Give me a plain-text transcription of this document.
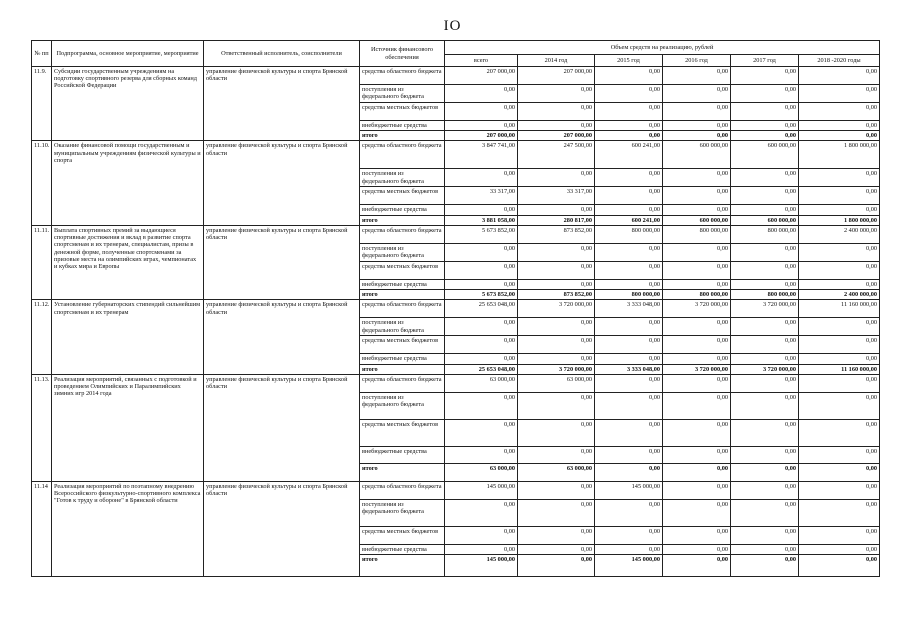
IO
№ пп	Подпрограмма, основное мероприятие, мероприятие	Ответственный исполнитель, соисполнители	Источник финансового обеспечения	Объем средств на реализацию, рублей					
				всего	2014 год	2015 год	2016 год	2017 год	2018 -2020 годы
11.9.	Субсидии государственным учреждениям на подготовку спортивного резерва для сборных команд Российской Федерации	управление физической культуры и спорта Брянской области	средства областного бюджета	207 000,00	207 000,00	0,00	0,00	0,00	0,00
			поступления из федерального бюджета	0,00	0,00	0,00	0,00	0,00	0,00
			средства местных бюджетов	0,00	0,00	0,00	0,00	0,00	0,00
			внебюджетные средства	0,00	0,00	0,00	0,00	0,00	0,00
			итого	207 000,00	207 000,00	0,00	0,00	0,00	0,00
11.10.	Оказание финансовой помощи государственным и муниципальным учреждениям физической культуры и спорта	управление физической культуры и спорта Брянской области	средства областного бюджета	3 847 741,00	247 500,00	600 241,00	600 000,00	600 000,00	1 800 000,00
			поступления из федерального бюджета	0,00	0,00	0,00	0,00	0,00	0,00
			средства местных бюджетов	33 317,00	33 317,00	0,00	0,00	0,00	0,00
			внебюджетные средства	0,00	0,00	0,00	0,00	0,00	0,00
			итого	3 881 058,00	280 817,00	600 241,00	600 000,00	600 000,00	1 800 000,00
11.11.	Выплата спортивных премий за выдающиеся спортивные достижения и вклад в развитие спорта спортсменам и их тренерам, специалистам, призы в денежной форме, полученные спортсменами за призовые места на олимпийских играх, чемпионатах и кубках мира и Европы	управление физической культуры и спорта Брянской области	средства областного бюджета	5 673 852,00	873 852,00	800 000,00	800 000,00	800 000,00	2 400 000,00
			поступления из федерального бюджета	0,00	0,00	0,00	0,00	0,00	0,00
			средства местных бюджетов	0,00	0,00	0,00	0,00	0,00	0,00
			внебюджетные средства	0,00	0,00	0,00	0,00	0,00	0,00
			итого	5 673 852,00	873 852,00	800 000,00	800 000,00	800 000,00	2 400 000,00
11.12.	Установление губернаторских стипендий сильнейшим спортсменам и их тренерам	управление физической культуры и спорта Брянской области	средства областного бюджета	25 653 048,00	3 720 000,00	3 333 048,00	3 720 000,00	3 720 000,00	11 160 000,00
			поступления из федерального бюджета	0,00	0,00	0,00	0,00	0,00	0,00
			средства местных бюджетов	0,00	0,00	0,00	0,00	0,00	0,00
			внебюджетные средства	0,00	0,00	0,00	0,00	0,00	0,00
			итого	25 653 048,00	3 720 000,00	3 333 048,00	3 720 000,00	3 720 000,00	11 160 000,00
11.13.	Реализация мероприятий, связанных с подготовкой и проведением Олимпийских и Паралимпийских зимних игр 2014 года	управление физической культуры и спорта Брянской области	средства областного бюджета	63 000,00	63 000,00	0,00	0,00	0,00	0,00
			поступления из федерального бюджета	0,00	0,00	0,00	0,00	0,00	0,00
			средства местных бюджетов	0,00	0,00	0,00	0,00	0,00	0,00
			внебюджетные средства	0,00	0,00	0,00	0,00	0,00	0,00
			итого	63 000,00	63 000,00	0,00	0,00	0,00	0,00
11.14	Реализация мероприятий по поэтапному внедрению Всероссийского физкультурно-спортивного комплекса "Готов к труду и обороне" в Брянской области	управление физической культуры и спорта Брянской области	средства областного бюджета	145 000,00	0,00	145 000,00	0,00	0,00	0,00
			поступления из федерального бюджета	0,00	0,00	0,00	0,00	0,00	0,00
			средства местных бюджетов	0,00	0,00	0,00	0,00	0,00	0,00
			внебюджетные средства	0,00	0,00	0,00	0,00	0,00	0,00
			итого	145 000,00	0,00	145 000,00	0,00	0,00	0,00
